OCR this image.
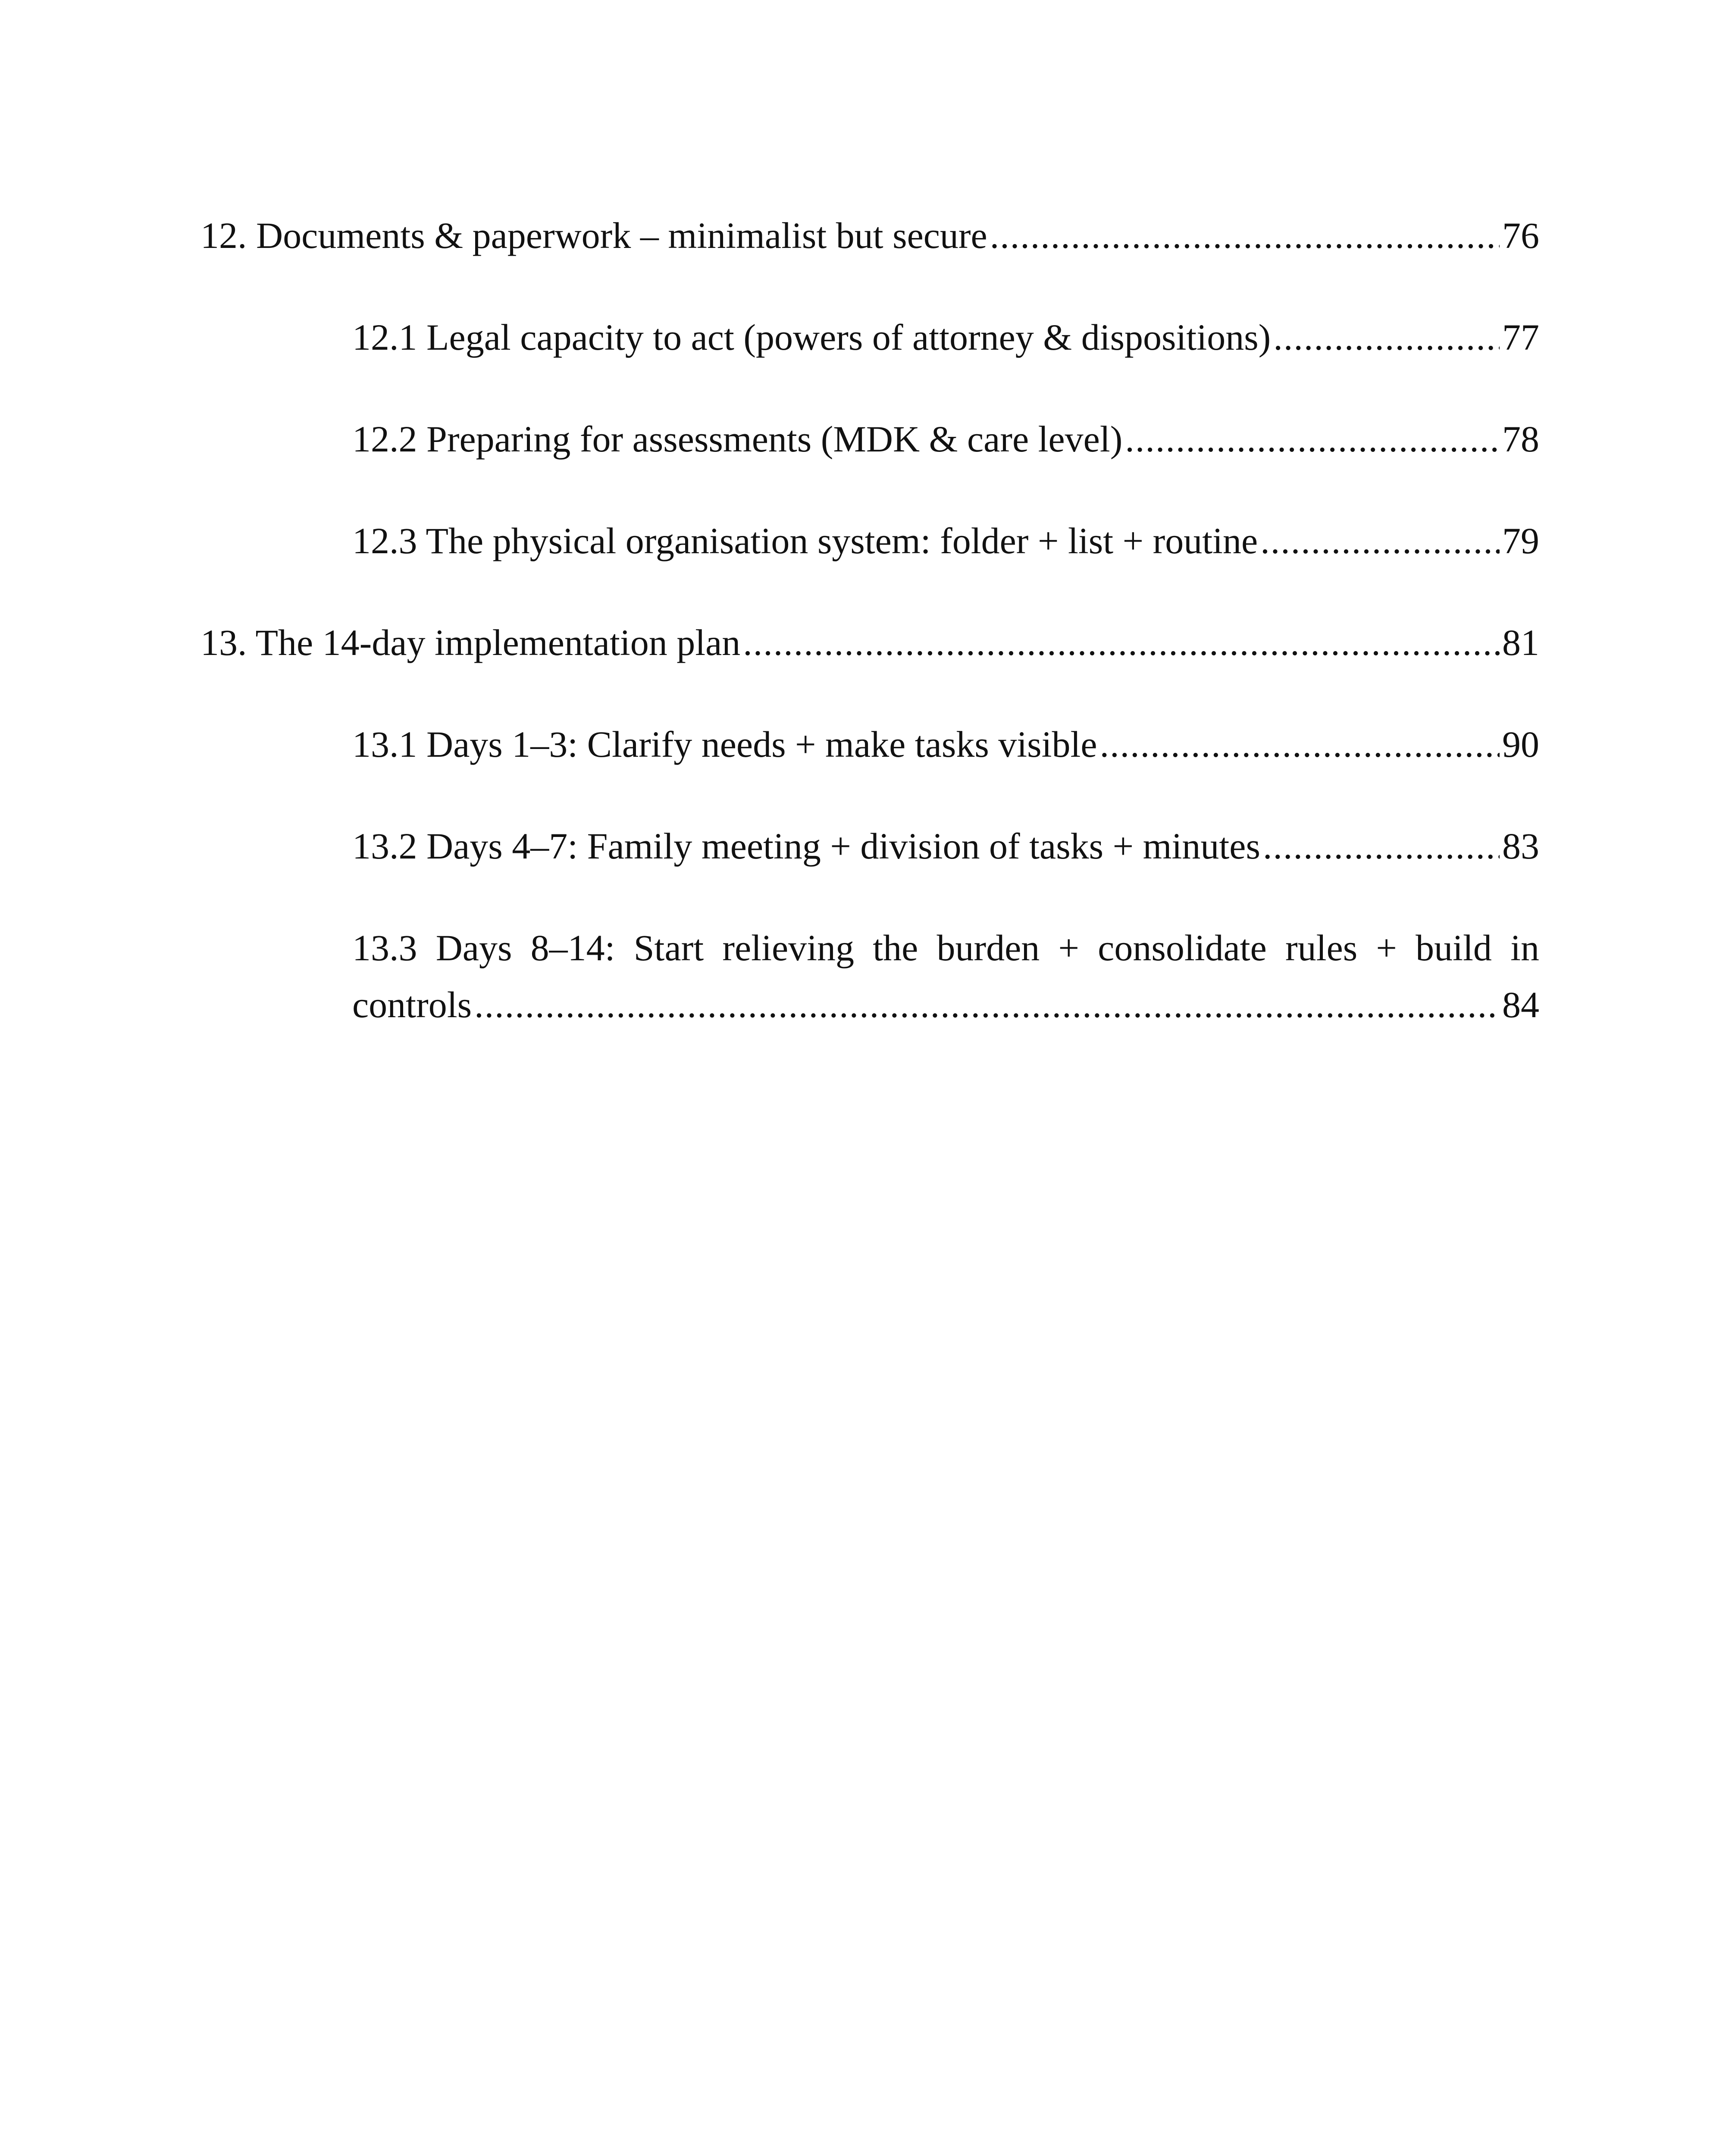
12. Documents & paperwork – minimalist but secure .....	76
12.1 Legal capacity to act (powers of attorney & dispositions) .....	77
12.2 Preparing for assessments (MDK & care level) .....	78
12.3 The physical organisation system: folder + list + routine .....	79
13. The 14-day implementation plan .....	81
13.1 Days 1–3: Clarify needs + make tasks visible .....	90
13.2 Days 4–7: Family meeting + division of tasks + minutes .....	83
13.3 Days 8–14: Start relieving the burden + consolidate rules + build in
controls .....	84
